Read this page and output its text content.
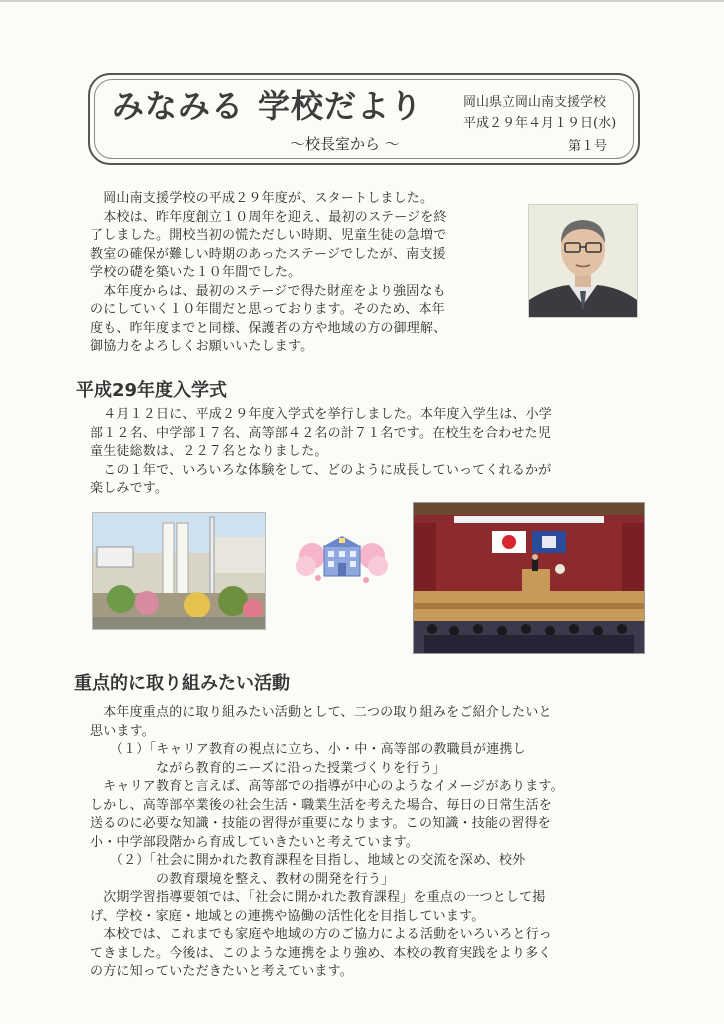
みなみる 学校だより
～校長室から ～
岡山県立岡山南支援学校
平成２９年４月１９日(水)
第１号

　岡山南支援学校の平成２９年度が、スタートしました。

　本校は、昨年度創立１０周年を迎え、最初のステージを終

了しました。開校当初の慌ただしい時期、児童生徒の急増で

教室の確保が難しい時期のあったステージでしたが、南支援

学校の礎を築いた１０年間でした。

　本年度からは、最初のステージで得た財産をより強固なも

のにしていく１０年間だと思っております。そのため、本年

度も、昨年度までと同様、保護者の方や地域の方の御理解、

御協力をよろしくお願いいたします。

平成29年度入学式

　４月１２日に、平成２９年度入学式を挙行しました。本年度入学生は、小学

部１２名、中学部１７名、高等部４２名の計７１名です。在校生を合わせた児

童生徒総数は、２２７名となりました。

　この１年で、いろいろな体験をして、どのように成長していってくれるかが

楽しみです。

重点的に取り組みたい活動

　本年度重点的に取り組みたい活動として、二つの取り組みをご紹介したいと

思います。

　　（１）「キャリア教育の視点に立ち、小・中・高等部の教職員が連携し

　　　　　ながら教育的ニーズに沿った授業づくりを行う」

　キャリア教育と言えば、高等部での指導が中心のようなイメージがあります。

しかし、高等部卒業後の社会生活・職業生活を考えた場合、毎日の日常生活を

送るのに必要な知識・技能の習得が重要になります。この知識・技能の習得を

小・中学部段階から育成していきたいと考えています。

　　（２）「社会に開かれた教育課程を目指し、地域との交流を深め、校外

　　　　　の教育環境を整え、教材の開発を行う」

　次期学習指導要領では、「社会に開かれた教育課程」を重点の一つとして掲

げ、学校・家庭・地域との連携や協働の活性化を目指しています。

　本校では、これまでも家庭や地域の方のご協力による活動をいろいろと行っ

てきました。今後は、このような連携をより強め、本校の教育実践をより多く

の方に知っていただきたいと考えています。
